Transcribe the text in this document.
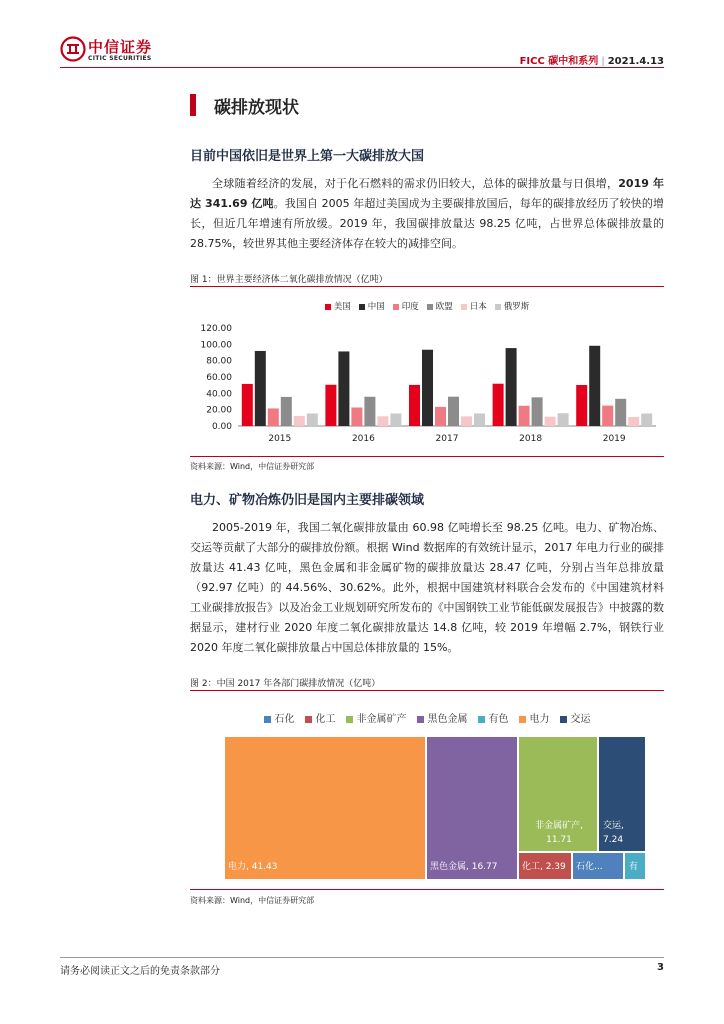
中信证券
CITIC SECURITIES	FICC 碳中和系列 | 2021.4.13
碳排放现状
目前中国依旧是世界上第一大碳排放大国
全球随着经济的发展，对于化石燃料的需求仍旧较大，总体的碳排放量与日俱增，2019 年达 341.69 亿吨。我国自 2005 年超过美国成为主要碳排放国后，每年的碳排放经历了较快的增长，但近几年增速有所放缓。2019 年，我国碳排放量达 98.25 亿吨，占世界总体碳排放量的 28.75%，较世界其他主要经济体存在较大的减排空间。
图 1：世界主要经济体二氧化碳排放情况（亿吨）
美国	中国	印度	欧盟	日本	俄罗斯
120.00
100.00
80.00
60.00
40.00
20.00
0.00
2015	2016	2017	2018	2019
资料来源：Wind，中信证券研究部
电力、矿物冶炼仍旧是国内主要排碳领域
2005-2019 年，我国二氧化碳排放量由 60.98 亿吨增长至 98.25 亿吨。电力、矿物冶炼、交运等贡献了大部分的碳排放份额。根据 Wind 数据库的有效统计显示，2017 年电力行业的碳排放量达 41.43 亿吨，黑色金属和非金属矿物的碳排放量达 28.47 亿吨，分别占当年总排放量（92.97 亿吨）的 44.56%、30.62%。此外，根据中国建筑材料联合会发布的《中国建筑材料工业碳排放报告》以及冶金工业规划研究所发布的《中国钢铁工业节能低碳发展报告》中披露的数据显示，建材行业 2020 年度二氧化碳排放量达 14.8 亿吨，较 2019 年增幅 2.7%，钢铁行业 2020 年度二氧化碳排放量占中国总体排放量的 15%。
图 2：中国 2017 年各部门碳排放情况（亿吨）
石化	化工	非金属矿产	黑色金属	有色	电力	交运
电力, 41.43	黑色金属, 16.77
非金属矿产,
11.71
交运,
7.24
化工, 2.39 石化...	有
资料来源：Wind，中信证券研究部
请务必阅读正文之后的免责条款部分	3
